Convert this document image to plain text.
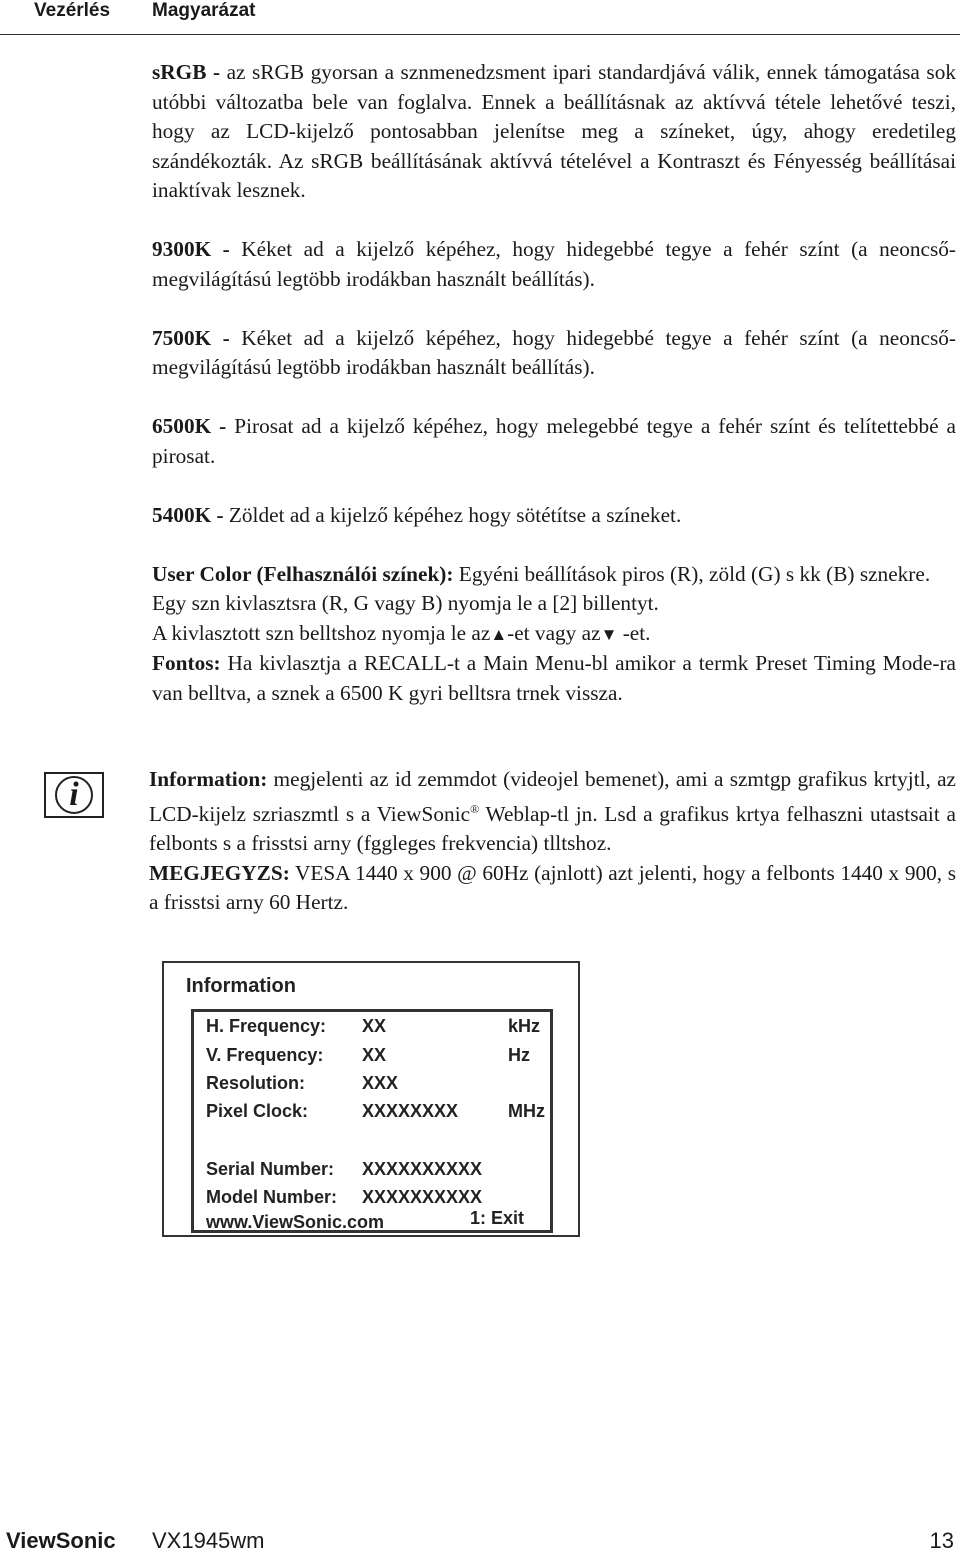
Vezérlés Magyarázat

sRGB - az sRGB gyorsan a sznmenedzsment ipari standardjává válik, ennek támogatása sok utóbbi változatba bele van foglalva. Ennek a beállításnak az aktívvá tétele lehetővé teszi, hogy az LCD-kijelző pontosabban jelenítse meg a színeket, úgy, ahogy eredetileg szándékozták. Az sRGB beállításának aktívvá tételével a Kontraszt és Fényesség beállításai inaktívak lesznek.

9300K - Kéket ad a kijelző képéhez, hogy hidegebbé tegye a fehér színt (a neoncső-megvilágítású legtöbb irodákban használt beállítás).

7500K - Kéket ad a kijelző képéhez, hogy hidegebbé tegye a fehér színt (a neoncső-megvilágítású legtöbb irodákban használt beállítás).

6500K - Pirosat ad a kijelző képéhez, hogy melegebbé tegye a fehér színt és telítettebbé a pirosat.

5400K - Zöldet ad a kijelző képéhez hogy sötétítse a színeket.

User Color (Felhasználói színek): Egyéni beállítások piros (R), zöld (G) s kk (B) sznekre.

Egy szn kivlasztsra (R, G vagy B) nyomja le a [2] billentyt.

A kivlasztott szn belltshoz nyomja le az▲-et vagy az▼ -et.

Fontos: Ha kivlasztja a RECALL-t a Main Menu-bl amikor a termk Preset Timing Mode-ra van belltva, a sznek a 6500 K gyri belltsra trnek vissza.

i	Information: megjelenti az id zemmdot (videojel bemenet), ami a szmtgp grafikus krtyjtl, az LCD-kijelz szriaszmtl s a ViewSonic® Weblap-tl jn. Lsd a grafikus krtya felhaszni utastsait a felbonts s a frisstsi arny (fggleges frekvencia) tlltshoz.

MEGJEGYZS: VESA 1440 x 900 @ 60Hz (ajnlott) azt jelenti, hogy a felbonts 1440 x 900, s a frisstsi arny 60 Hertz.

Information
H. Frequency: XX	kHz
V. Frequency: XX	Hz
Resolution:	XXX
Pixel Clock:	XXXXXXXX	MHz
Serial Number: XXXXXXXXXX
Model Number: XXXXXXXXXX
www.ViewSonic.com	1: Exit
ViewSonic VX1945wm	13
